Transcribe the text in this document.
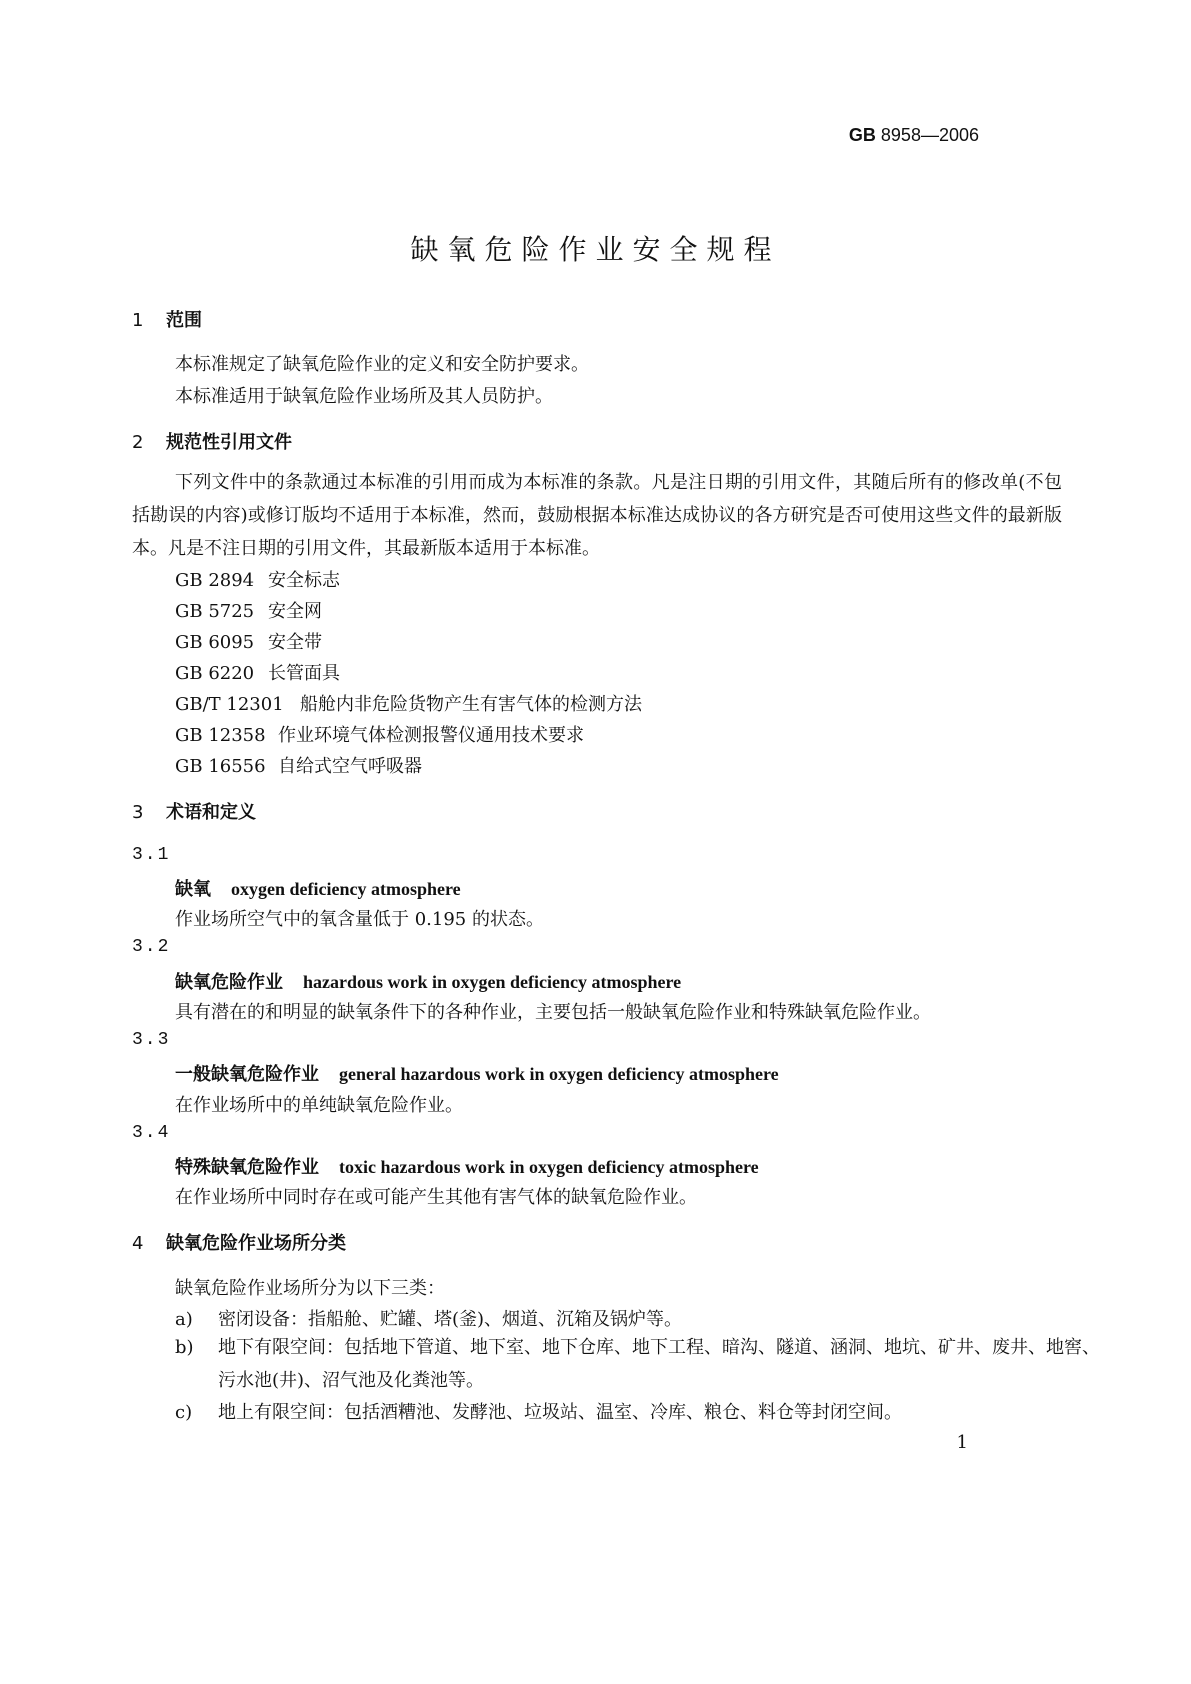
GB 8958—2006
缺氧危险作业安全规程
1 范围
本标准规定了缺氧危险作业的定义和安全防护要求。
本标准适用于缺氧危险作业场所及其人员防护。
2 规范性引用文件
下列文件中的条款通过本标准的引用而成为本标准的条款。凡是注日期的引用文件，其随后所有的修改单(不包括勘误的内容)或修订版均不适用于本标准，然而，鼓励根据本标准达成协议的各方研究是否可使用这些文件的最新版本。凡是不注日期的引用文件，其最新版本适用于本标准。
GB 2894 安全标志
GB 5725 安全网
GB 6095 安全带
GB 6220 长管面具
GB/T 12301 船舱内非危险货物产生有害气体的检测方法
GB 12358 作业环境气体检测报警仪通用技术要求
GB 16556 自给式空气呼吸器
3 术语和定义
3.1
缺氧 oxygen deficiency atmosphere
作业场所空气中的氧含量低于 0.195 的状态。
3.2
缺氧危险作业 hazardous work in oxygen deficiency atmosphere
具有潜在的和明显的缺氧条件下的各种作业，主要包括一般缺氧危险作业和特殊缺氧危险作业。
3.3
一般缺氧危险作业 general hazardous work in oxygen deficiency atmosphere
在作业场所中的单纯缺氧危险作业。
3.4
特殊缺氧危险作业 toxic hazardous work in oxygen deficiency atmosphere
在作业场所中同时存在或可能产生其他有害气体的缺氧危险作业。
4 缺氧危险作业场所分类
缺氧危险作业场所分为以下三类：
a) 密闭设备：指船舱、贮罐、塔(釜)、烟道、沉箱及锅炉等。
b) 地下有限空间：包括地下管道、地下室、地下仓库、地下工程、暗沟、隧道、涵洞、地坑、矿井、废井、地窖、污水池(井)、沼气池及化粪池等。
c) 地上有限空间：包括酒糟池、发酵池、垃圾站、温室、冷库、粮仓、料仓等封闭空间。
1
